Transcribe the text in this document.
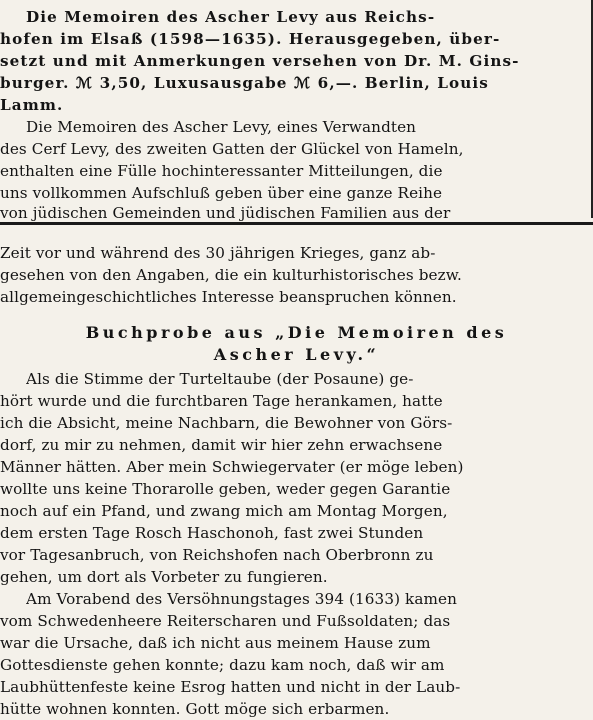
Die Memoiren des Ascher Levy aus Reichs-
hofen im Elsaß (1598—1635). Herausgegeben, über-
setzt und mit Anmerkungen versehen von Dr. M. Gins-
burger. ℳ 3,50, Luxusausgabe ℳ 6,—. Berlin, Louis
Lamm.
Die Memoiren des Ascher Levy, eines Verwandten
des Cerf Levy, des zweiten Gatten der Glückel von Hameln,
enthalten eine Fülle hochinteressanter Mitteilungen, die
uns vollkommen Aufschluß geben über eine ganze Reihe
von jüdischen Gemeinden und jüdischen Familien aus der
Zeit vor und während des 30 jährigen Krieges, ganz ab-
gesehen von den Angaben, die ein kulturhistorisches bezw.
allgemeingeschichtliches Interesse beanspruchen können.
Buchprobe aus „Die Memoiren des
Ascher Levy.“
Als die Stimme der Turteltaube (der Posaune) ge-
hört wurde und die furchtbaren Tage herankamen, hatte
ich die Absicht, meine Nachbarn, die Bewohner von Görs-
dorf, zu mir zu nehmen, damit wir hier zehn erwachsene
Männer hätten. Aber mein Schwiegervater (er möge leben)
wollte uns keine Thorarolle geben, weder gegen Garantie
noch auf ein Pfand, und zwang mich am Montag Morgen,
dem ersten Tage Rosch Haschonoh, fast zwei Stunden
vor Tagesanbruch, von Reichshofen nach Oberbronn zu
gehen, um dort als Vorbeter zu fungieren.
Am Vorabend des Versöhnungstages 394 (1633) kamen
vom Schwedenheere Reiterscharen und Fußsoldaten; das
war die Ursache, daß ich nicht aus meinem Hause zum
Gottesdienste gehen konnte; dazu kam noch, daß wir am
Laubhüttenfeste keine Esrog hatten und nicht in der Laub-
hütte wohnen konnten. Gott möge sich erbarmen.
